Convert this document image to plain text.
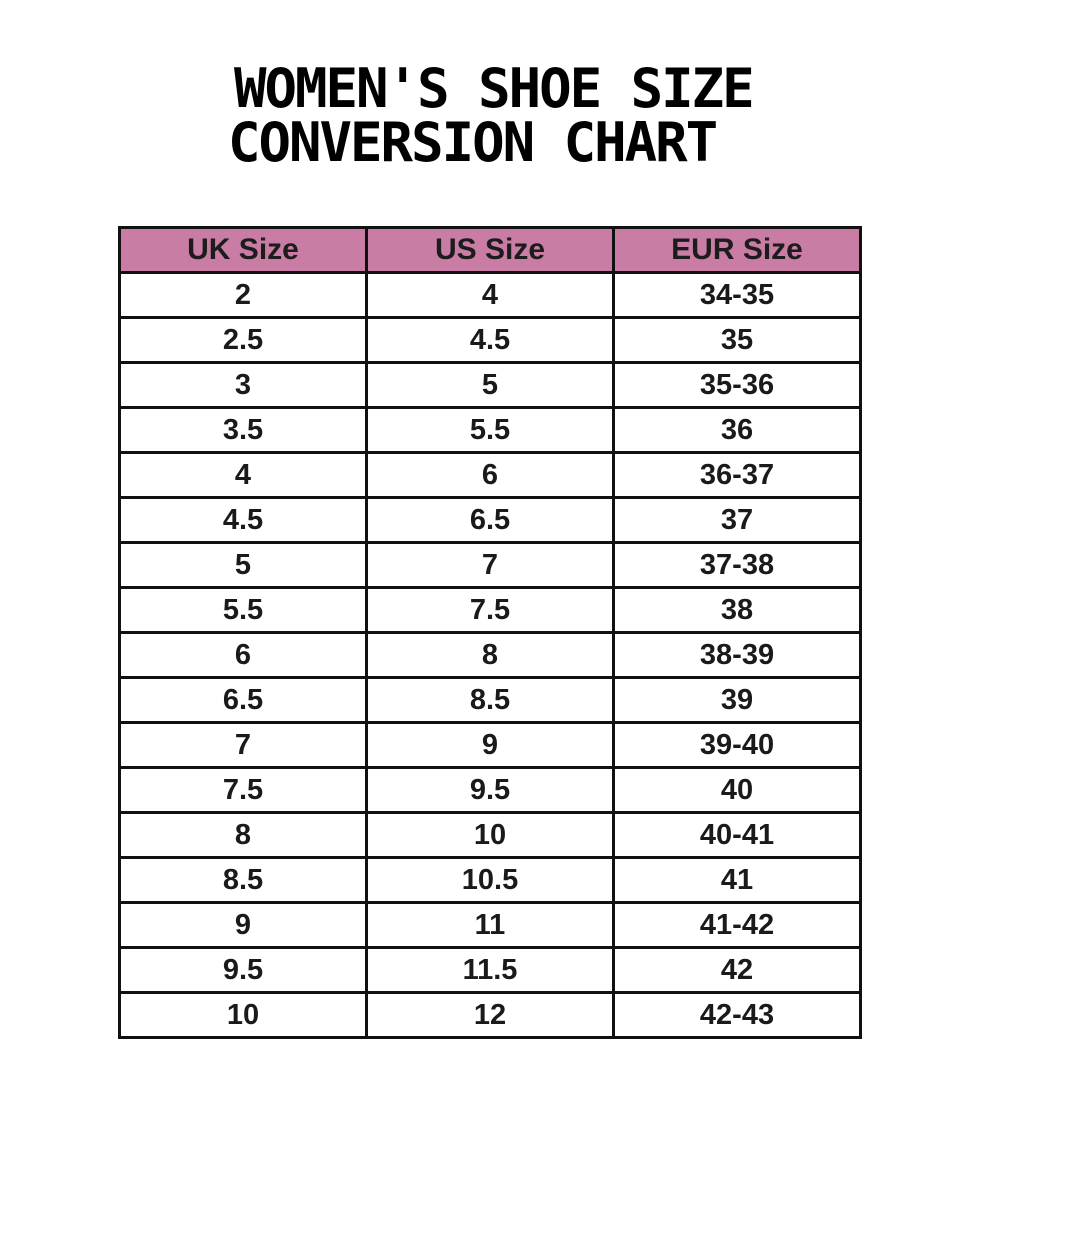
WOMEN'S SHOE SIZE
CONVERSION CHART
UK Size	US Size	EUR Size
2	4	34-35
2.5	4.5	35
3	5	35-36
3.5	5.5	36
4	6	36-37
4.5	6.5	37
5	7	37-38
5.5	7.5	38
6	8	38-39
6.5	8.5	39
7	9	39-40
7.5	9.5	40
8	10	40-41
8.5	10.5	41
9	11	41-42
9.5	11.5	42
10	12	42-43
